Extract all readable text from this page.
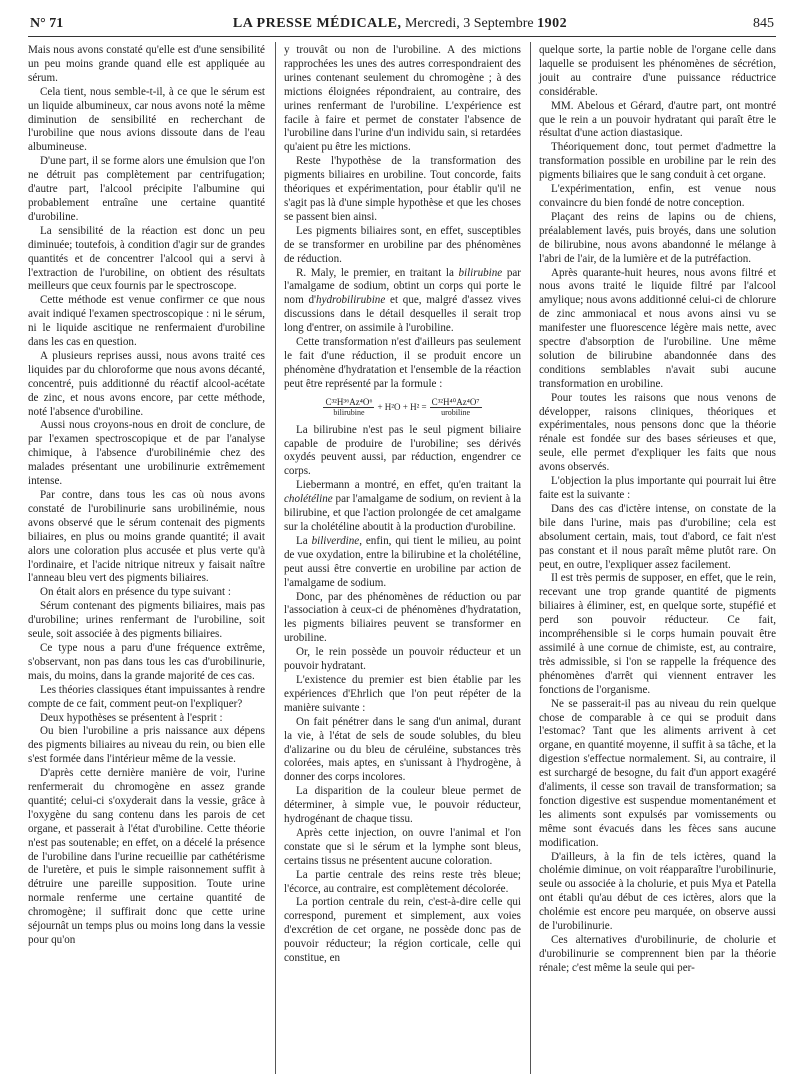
N° 71	LA PRESSE MÉDICALE, Mercredi, 3 Septembre 1902	845

Mais nous avons constaté qu'elle est d'une sensibilité un peu moins grande quand elle est appliquée au sérum.

Cela tient, nous semble-t-il, à ce que le sérum est un liquide albumineux, car nous avons noté la même diminution de sensibilité en recherchant de l'urobiline que nous avions dissoute dans de l'eau albumineuse.

D'une part, il se forme alors une émulsion que l'on ne détruit pas complètement par centrifugation; d'autre part, l'alcool précipite l'albumine qui probablement entraîne une certaine quantité d'urobiline.

La sensibilité de la réaction est donc un peu diminuée; toutefois, à condition d'agir sur de grandes quantités et de concentrer l'alcool qui a servi à l'extraction de l'urobiline, on obtient des résultats meilleurs que ceux fournis par le spectroscope.

Cette méthode est venue confirmer ce que nous avait indiqué l'examen spectroscopique : ni le sérum, ni le liquide ascitique ne renfermaient d'urobiline dans les cas en question.

A plusieurs reprises aussi, nous avons traité ces liquides par du chloroforme que nous avons décanté, concentré, puis additionné du réactif alcool-acétate de zinc, et nous avons encore, par cette méthode, noté l'absence d'urobiline.

Aussi nous croyons-nous en droit de conclure, de par l'examen spectroscopique et de par l'analyse chimique, à l'absence d'urobilinémie chez des malades présentant une urobilinurie extrêmement intense.

Par contre, dans tous les cas où nous avons constaté de l'urobilinurie sans urobilinémie, nous avons observé que le sérum contenait des pigments biliaires, en plus ou moins grande quantité; il avait alors une coloration plus accusée et plus verte qu'à l'ordinaire, et l'acide nitrique nitreux y faisait naître l'anneau bleu vert des pigments biliaires.

On était alors en présence du type suivant :

Sérum contenant des pigments biliaires, mais pas d'urobiline; urines renfermant de l'urobiline, soit seule, soit associée à des pigments biliaires.

Ce type nous a paru d'une fréquence extrême, s'observant, non pas dans tous les cas d'urobilinurie, mais, du moins, dans la grande majorité de ces cas.

Les théories classiques étant impuissantes à rendre compte de ce fait, comment peut-on l'expliquer?

Deux hypothèses se présentent à l'esprit :

Ou bien l'urobiline a pris naissance aux dépens des pigments biliaires au niveau du rein, ou bien elle s'est formée dans l'intérieur même de la vessie.

D'après cette dernière manière de voir, l'urine renfermerait du chromogène en assez grande quantité; celui-ci s'oxyderait dans la vessie, grâce à l'oxygène du sang contenu dans les parois de cet organe, et passerait à l'état d'urobiline. Cette théorie n'est pas soutenable; en effet, on a décelé la présence de l'urobiline dans l'urine recueillie par cathétérisme de l'uretère, et puis le simple raisonnement suffit à détruire une pareille supposition. Toute urine normale renferme une certaine quantité de chromogène; il suffirait donc que cette urine séjournât un temps plus ou moins long dans la vessie pour qu'on

y trouvât ou non de l'urobiline. A des mictions rapprochées les unes des autres correspondraient des urines contenant seulement du chromogène ; à des mictions éloignées répondraient, au contraire, des urines renfermant de l'urobiline. L'expérience est facile à faire et permet de constater l'absence de l'urobiline dans l'urine d'un individu sain, si retardées qu'aient pu être les mictions.

Reste l'hypothèse de la transformation des pigments biliaires en urobiline. Tout concorde, faits théoriques et expérimentation, pour établir qu'il ne s'agit pas là d'une simple hypothèse et que les choses se passent bien ainsi.

Les pigments biliaires sont, en effet, susceptibles de se transformer en urobiline par des phénomènes de réduction.

R. Maly, le premier, en traitant la bilirubine par l'amalgame de sodium, obtint un corps qui porte le nom d'hydrobilirubine et que, malgré d'assez vives discussions dans le détail desquelles il serait trop long d'entrer, on assimile à l'urobiline.

Cette transformation n'est d'ailleurs pas seulement le fait d'une réduction, il se produit encore un phénomène d'hydratation et l'ensemble de la réaction peut être représenté par la formule :

$\frac{\text{C³²H³⁶Az⁴O⁶}}{\text{bilirubine}} + H^2O + H^2 = \frac{\text{C³²H⁴⁰Az⁴O⁷}}{\text{urobiline}}$

La bilirubine n'est pas le seul pigment biliaire capable de produire de l'urobiline; ses dérivés oxydés peuvent aussi, par réduction, engendrer ce corps.

Liebermann a montré, en effet, qu'en traitant la cholétéline par l'amalgame de sodium, on revient à la bilirubine, et que l'action prolongée de cet amalgame sur la cholétéline aboutit à la production d'urobiline.

La biliverdine, enfin, qui tient le milieu, au point de vue oxydation, entre la bilirubine et la cholétéline, peut aussi être convertie en urobiline par action de l'amalgame de sodium.

Donc, par des phénomènes de réduction ou par l'association à ceux-ci de phénomènes d'hydratation, les pigments biliaires peuvent se transformer en urobiline.

Or, le rein possède un pouvoir réducteur et un pouvoir hydratant.

L'existence du premier est bien établie par les expériences d'Ehrlich que l'on peut répéter de la manière suivante :

On fait pénétrer dans le sang d'un animal, durant la vie, à l'état de sels de soude solubles, du bleu d'alizarine ou du bleu de céruléine, substances très colorées, mais aptes, en s'unissant à l'hydrogène, à donner des corps incolores.

La disparition de la couleur bleue permet de déterminer, à simple vue, le pouvoir réducteur, hydrogénant de chaque tissu.

Après cette injection, on ouvre l'animal et l'on constate que si le sérum et la lymphe sont bleus, certains tissus ne présentent aucune coloration.

La partie centrale des reins reste très bleue; l'écorce, au contraire, est complètement décolorée.

La portion centrale du rein, c'est-à-dire celle qui correspond, purement et simplement, aux voies d'excrétion de cet organe, ne possède donc pas de pouvoir réducteur; la région corticale, celle qui constitue, en

quelque sorte, la partie noble de l'organe celle dans laquelle se produisent les phénomènes de sécrétion, jouit au contraire d'une puissance réductrice considérable.

MM. Abelous et Gérard, d'autre part, ont montré que le rein a un pouvoir hydratant qui paraît être le résultat d'une action diastasique.

Théoriquement donc, tout permet d'admettre la transformation possible en urobiline par le rein des pigments biliaires que le sang conduit à cet organe.

L'expérimentation, enfin, est venue nous convaincre du bien fondé de notre conception.

Plaçant des reins de lapins ou de chiens, préalablement lavés, puis broyés, dans une solution de bilirubine, nous avons abandonné le mélange à l'abri de l'air, de la lumière et de la putréfaction.

Après quarante-huit heures, nous avons filtré et nous avons traité le liquide filtré par l'alcool amylique; nous avons additionné celui-ci de chlorure de zinc ammoniacal et nous avons ainsi vu se manifester une fluorescence légère mais nette, avec spectre d'absorption de l'urobiline. Une même solution de bilirubine abandonnée dans des conditions semblables n'avait subi aucune transformation en urobiline.

Pour toutes les raisons que nous venons de développer, raisons cliniques, théoriques et expérimentales, nous pensons donc que la théorie rénale est fondée sur des bases sérieuses et que, seule, elle permet d'expliquer les faits que nous avons observés.

L'objection la plus importante qui pourrait lui être faite est la suivante :

Dans des cas d'ictère intense, on constate de la bile dans l'urine, mais pas d'urobiline; cela est absolument certain, mais, tout d'abord, ce fait n'est pas constant et il nous paraît même plutôt rare. On peut, en outre, l'expliquer assez facilement.

Il est très permis de supposer, en effet, que le rein, recevant une trop grande quantité de pigments biliaires à éliminer, est, en quelque sorte, stupéfié et perd son pouvoir réducteur. Ce fait, incompréhensible si le corps humain pouvait être assimilé à une cornue de chimiste, est, au contraire, très admissible, si l'on se rappelle la fréquence des phénomènes d'arrêt qui viennent entraver les fonctions de l'organisme.

Ne se passerait-il pas au niveau du rein quelque chose de comparable à ce qui se produit dans l'estomac? Tant que les aliments arrivent à cet organe, en quantité moyenne, il suffit à sa tâche, et la digestion s'effectue normalement. Si, au contraire, il est surchargé de besogne, du fait d'un apport exagéré d'aliments, il cesse son travail de transformation; sa fonction digestive est suspendue momentanément et les aliments sont expulsés par vomissements ou même sont évacués dans les fèces sans aucune modification.

D'ailleurs, à la fin de tels ictères, quand la cholémie diminue, on voit réapparaître l'urobilinurie, seule ou associée à la cholurie, et puis Mya et Patella ont établi qu'au début de ces ictères, alors que la cholémie est encore peu marquée, on observe aussi de l'urobilinurie.

Ces alternatives d'urobilinurie, de cholurie et d'urobilinurie se comprennent bien par la théorie rénale; c'est même la seule qui per-
